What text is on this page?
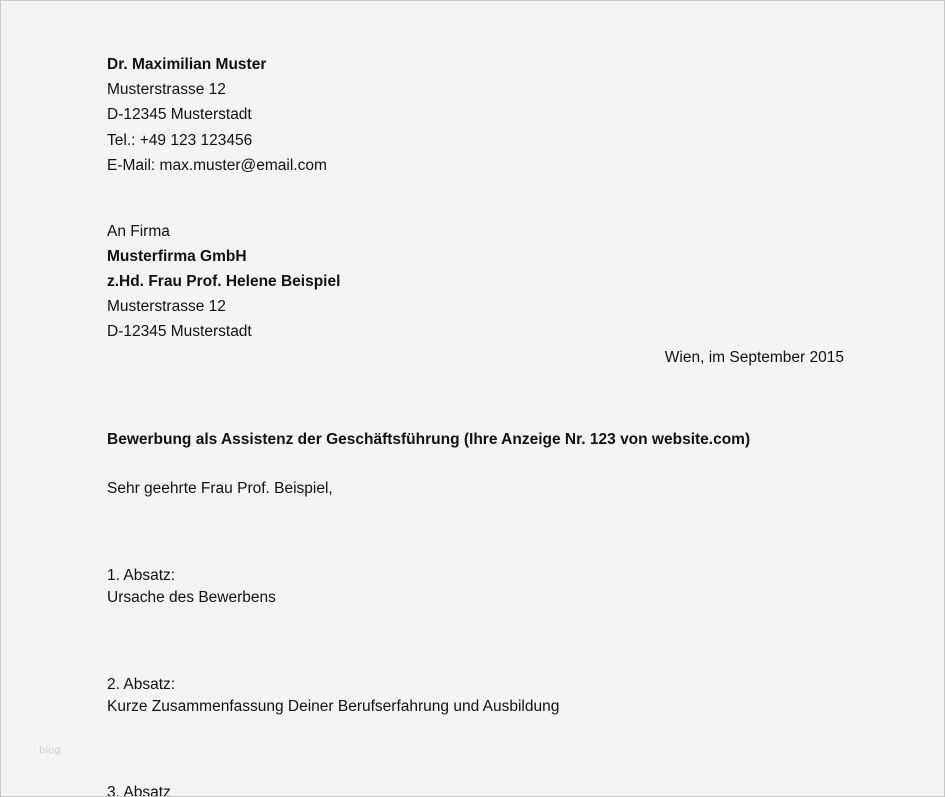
Dr. Maximilian Muster
Musterstrasse 12
D-12345 Musterstadt
Tel.: +49 123 123456
E-Mail: max.muster@email.com
An Firma
Musterfirma GmbH
z.Hd. Frau Prof. Helene Beispiel
Musterstrasse 12
D-12345 Musterstadt
Wien, im September 2015
Bewerbung als Assistenz der Geschäftsführung (Ihre Anzeige Nr. 123 von website.com)
Sehr geehrte Frau Prof. Beispiel,
1. Absatz:
Ursache des Bewerbens
2. Absatz:
Kurze Zusammenfassung Deiner Berufserfahrung und Ausbildung
3. Absatz
blog
